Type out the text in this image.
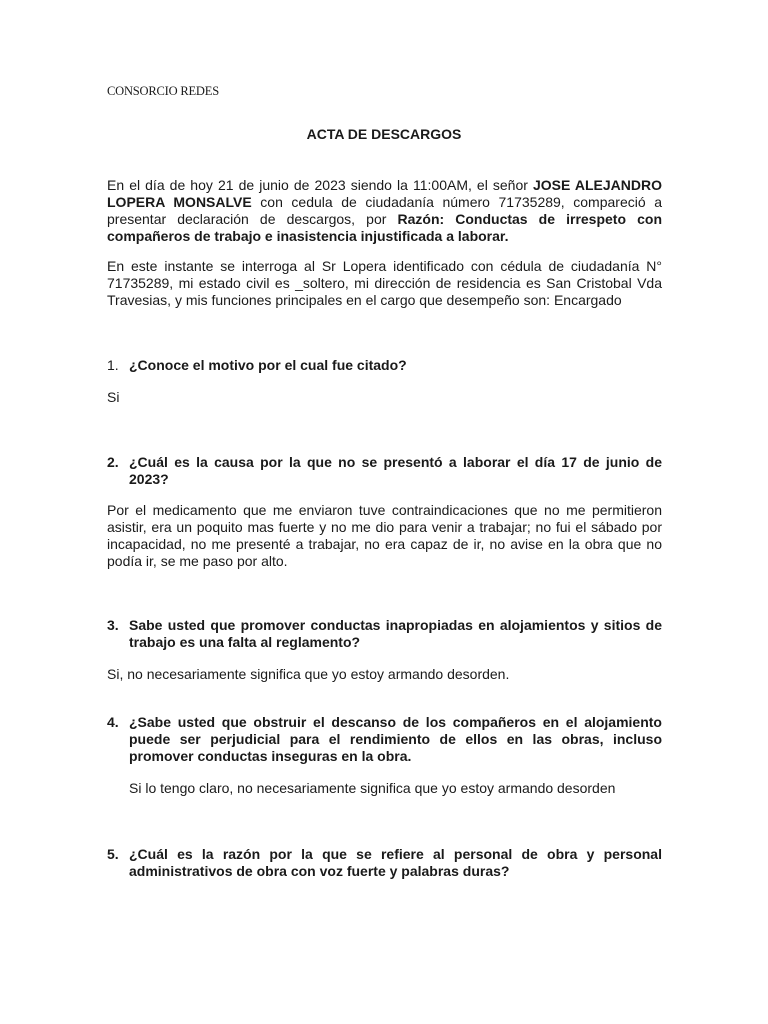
CONSORCIO REDES
ACTA DE DESCARGOS
En el día de hoy 21 de junio de 2023 siendo la 11:00AM, el señor JOSE ALEJANDRO LOPERA MONSALVE con cedula de ciudadanía número 71735289, compareció a presentar declaración de descargos, por Razón: Conductas de irrespeto con compañeros de trabajo e inasistencia injustificada a laborar.
En este instante se interroga al Sr Lopera identificado con cédula de ciudadanía N° 71735289, mi estado civil es _soltero, mi dirección de residencia es San Cristobal Vda Travesias, y mis funciones principales en el cargo que desempeño son: Encargado
1. ¿Conoce el motivo por el cual fue citado?
Si
2. ¿Cuál es la causa por la que no se presentó a laborar el día 17 de junio de 2023?
Por el medicamento que me enviaron tuve contraindicaciones que no me permitieron asistir, era un poquito mas fuerte y no me dio para venir a trabajar; no fui el sábado por incapacidad, no me presenté a trabajar, no era capaz de ir, no avise en la obra que no podía ir, se me paso por alto.
3. Sabe usted que promover conductas inapropiadas en alojamientos y sitios de trabajo es una falta al reglamento?
Si, no necesariamente significa que yo estoy armando desorden.
4. ¿Sabe usted que obstruir el descanso de los compañeros en el alojamiento puede ser perjudicial para el rendimiento de ellos en las obras, incluso promover conductas inseguras en la obra.
Si lo tengo claro, no necesariamente significa que yo estoy armando desorden
5. ¿Cuál es la razón por la que se refiere al personal de obra y personal administrativos de obra con voz fuerte y palabras duras?
